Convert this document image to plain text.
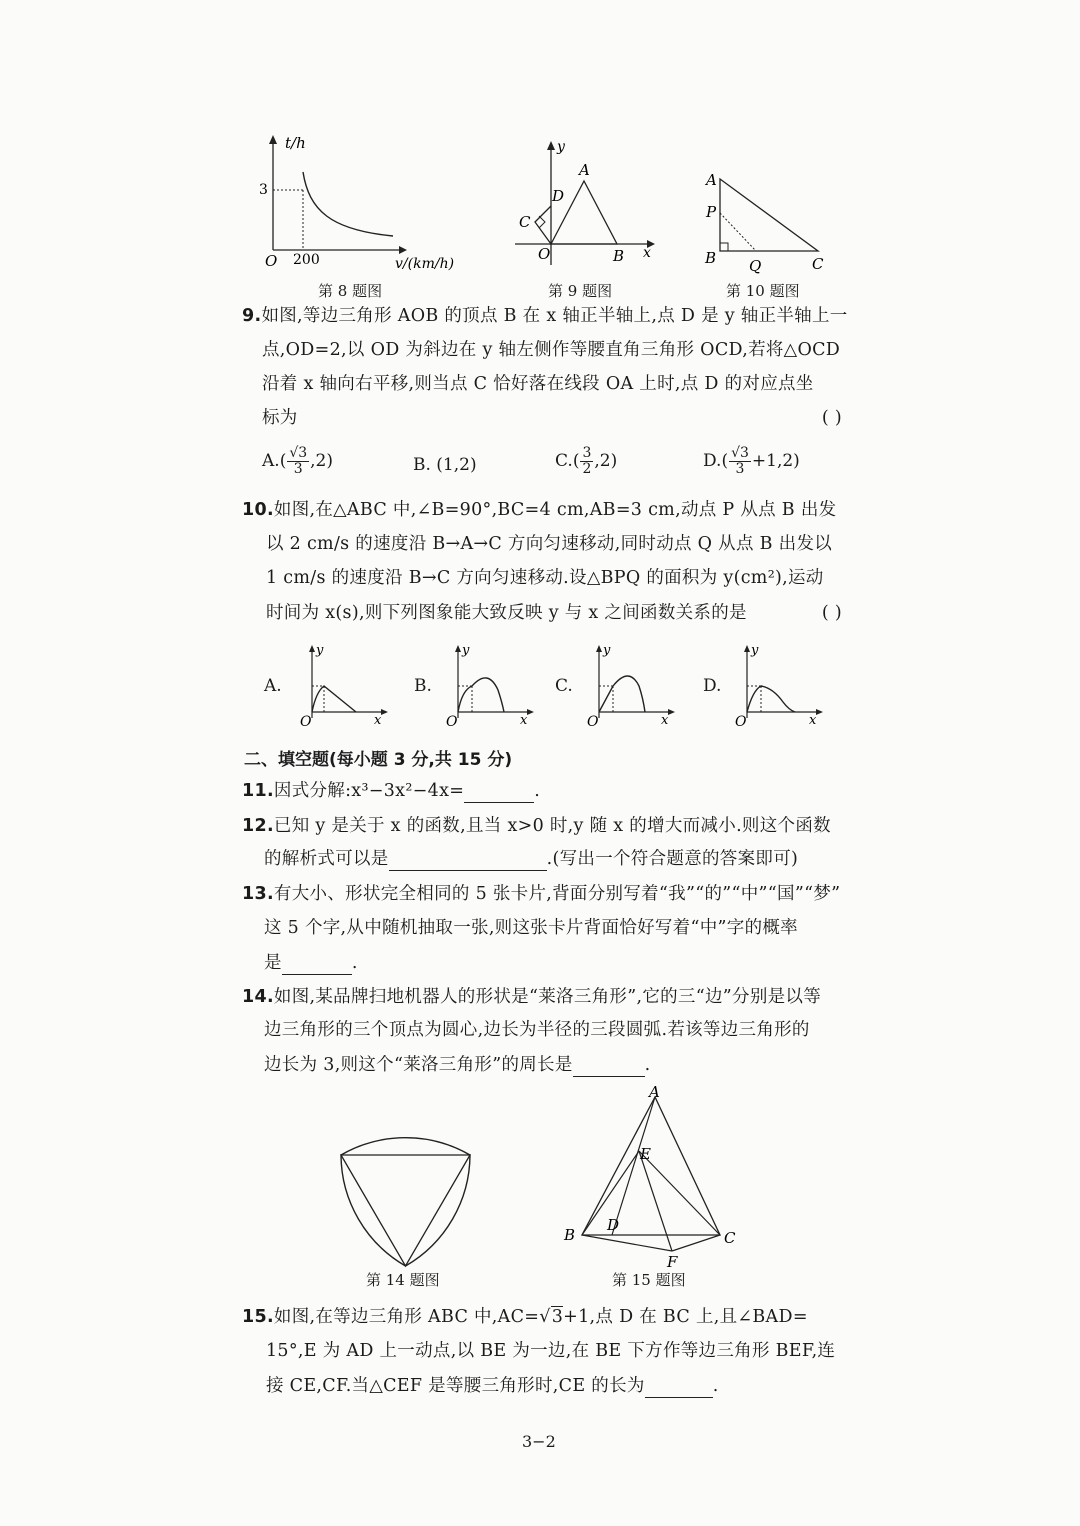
t/h
3
O 200	v/(km/h)
第 8 题图
y
A
D
C
O	B x
第 9 题图
A
P
B Q	C
第 10 题图
9.如图,等边三角形 AOB 的顶点 B 在 x 轴正半轴上,点 D 是 y 轴正半轴上一
点,OD=2,以 OD 为斜边在 y 轴左侧作等腰直角三角形 OCD,若将△OCD
沿着 x 轴向右平移,则当点 C 恰好落在线段 OA 上时,点 D 的对应点坐
标为	( )
$A.( \frac{√3}{3} ,2)$	B. (1,2)	$C.( \frac{3}{2} ,2)$	$D.( \frac{√3}{3} +1,2)$
10.如图,在△ABC 中,∠B=90°,BC=4 cm,AB=3 cm,动点 P 从点 B 出发
以 2 cm/s 的速度沿 B→A→C 方向匀速移动,同时动点 Q 从点 B 出发以
1 cm/s 的速度沿 B→C 方向匀速移动.设△BPQ 的面积为 y(cm²),运动
时间为 x(s),则下列图象能大致反映 y 与 x 之间函数关系的是	( )
A.
y
O	x
B.
y
O	x
C.
y
O	x
D.
y
O	x
二、填空题(每小题 3 分,共 15 分)
11.因式分解:x³−3x²−4x=	.
12.已知 y 是关于 x 的函数,且当 x>0 时,y 随 x 的增大而减小.则这个函数
的解析式可以是	.(写出一个符合题意的答案即可)
13.有大小、形状完全相同的 5 张卡片,背面分别写着“我”“的”“中”“国”“梦”
这 5 个字,从中随机抽取一张,则这张卡片背面恰好写着“中”字的概率
是	.
14.如图,某品牌扫地机器人的形状是“莱洛三角形”,它的三“边”分别是以等
边三角形的三个顶点为圆心,边长为半径的三段圆弧.若该等边三角形的
边长为 3,则这个“莱洛三角形”的周长是	.
第 14 题图
A
E
D
B	C
F
第 15 题图
15.如图,在等边三角形 ABC 中,AC=√3+1,点 D 在 BC 上,且∠BAD=
15°,E 为 AD 上一动点,以 BE 为一边,在 BE 下方作等边三角形 BEF,连
接 CE,CF.当△CEF 是等腰三角形时,CE 的长为	.
3−2
